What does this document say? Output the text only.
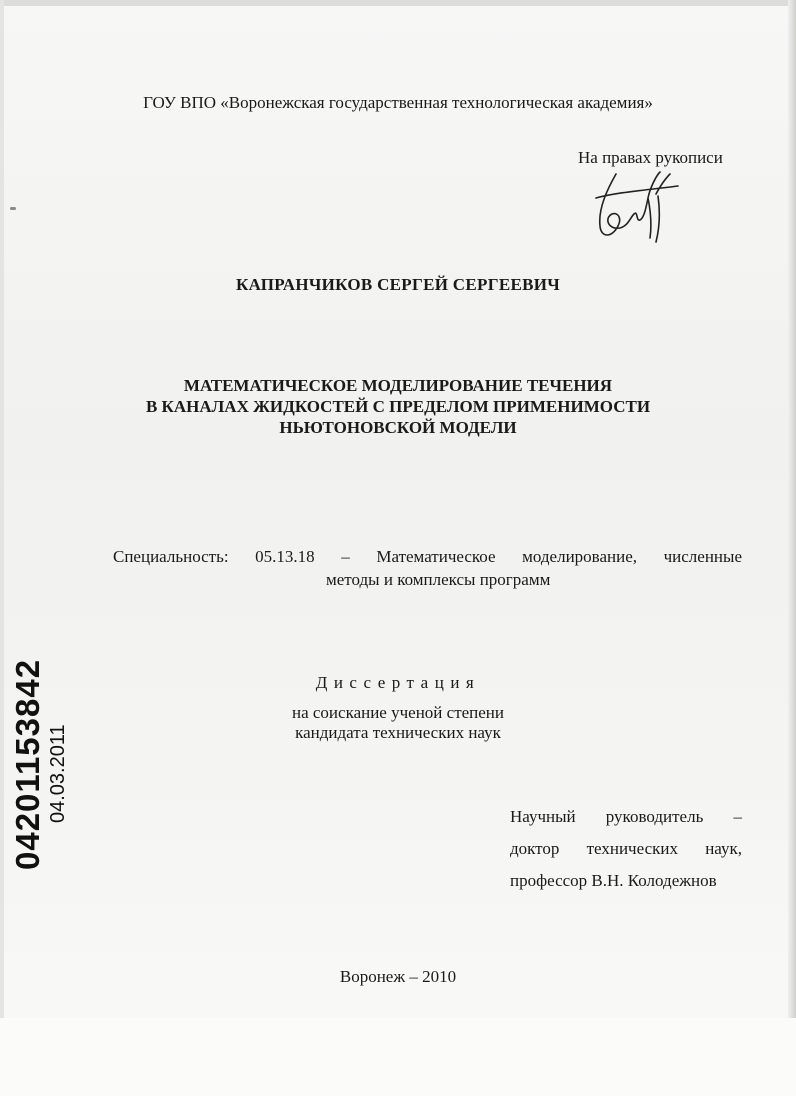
ГОУ ВПО «Воронежская государственная технологическая академия»
На правах рукописи
КАПРАНЧИКОВ СЕРГЕЙ СЕРГЕЕВИЧ
МАТЕМАТИЧЕСКОЕ МОДЕЛИРОВАНИЕ ТЕЧЕНИЯ
В КАНАЛАХ ЖИДКОСТЕЙ С ПРЕДЕЛОМ ПРИМЕНИМОСТИ
НЬЮТОНОВСКОЙ МОДЕЛИ
Специальность: 05.13.18 – Математическое моделирование, численные
методы и комплексы программ
Диссертация
на соискание ученой степени
кандидата технических наук
Научный руководитель –
доктор технических наук,
профессор В.Н. Колодежнов
Воронеж – 2010
04201153842 04.03.2011
